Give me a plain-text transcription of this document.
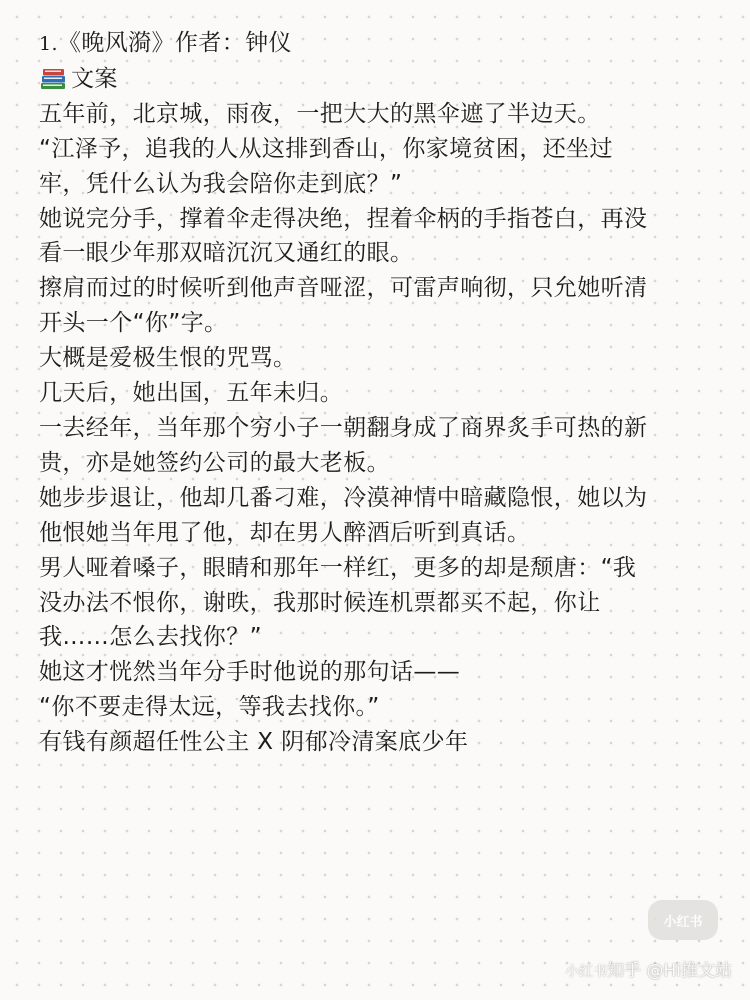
1.《晚风漪》作者：钟仪
文案
五年前，北京城，雨夜，一把大大的黑伞遮了半边天。
“江泽予，追我的人从这排到香山，你家境贫困，还坐过
牢，凭什么认为我会陪你走到底？”
她说完分手，撑着伞走得决绝，捏着伞柄的手指苍白，再没
看一眼少年那双暗沉沉又通红的眼。
擦肩而过的时候听到他声音哑涩，可雷声响彻，只允她听清
开头一个“你”字。
大概是爱极生恨的咒骂。
几天后，她出国，五年未归。
一去经年，当年那个穷小子一朝翻身成了商界炙手可热的新
贵，亦是她签约公司的最大老板。
她步步退让，他却几番刁难，冷漠神情中暗藏隐恨，她以为
他恨她当年甩了他，却在男人醉酒后听到真话。
男人哑着嗓子，眼睛和那年一样红，更多的却是颓唐：“我
没办法不恨你，谢昳，我那时候连机票都买不起，你让
我……怎么去找你？”
她这才恍然当年分手时他说的那句话——
“你不要走得太远，等我去找你。”
有钱有颜超任性公主 X 阴郁冷清案底少年
小红书
小红书知乎 @Hi推文站
